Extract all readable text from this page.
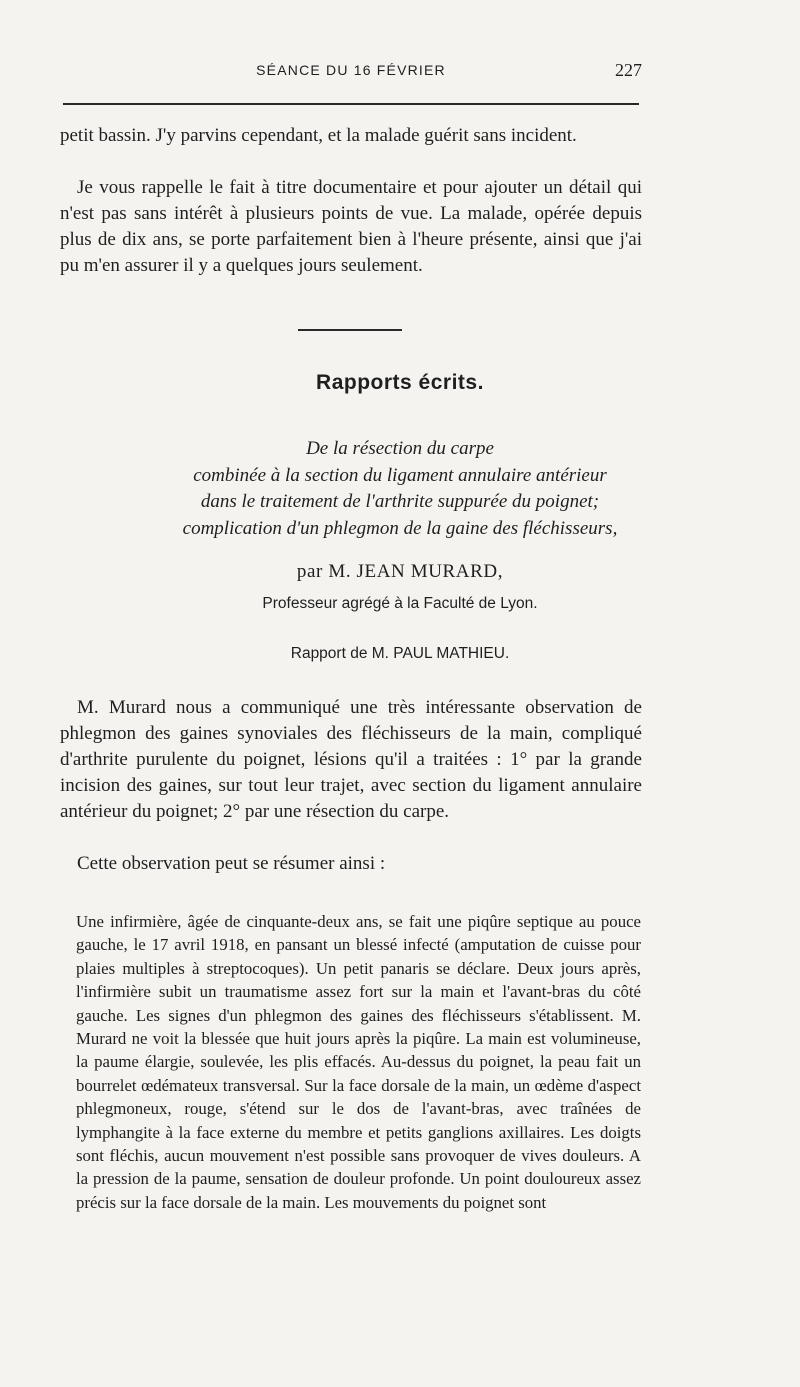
SÉANCE DU 16 FÉVRIER	227
petit bassin. J'y parvins cependant, et la malade guérit sans incident.
Je vous rappelle le fait à titre documentaire et pour ajouter un détail qui n'est pas sans intérêt à plusieurs points de vue. La malade, opérée depuis plus de dix ans, se porte parfaitement bien à l'heure présente, ainsi que j'ai pu m'en assurer il y a quelques jours seulement.
Rapports écrits.
De la résection du carpe
combinée à la section du ligament annulaire antérieur
dans le traitement de l'arthrite suppurée du poignet;
complication d'un phlegmon de la gaine des fléchisseurs,
par M. JEAN MURARD,
Professeur agrégé à la Faculté de Lyon.
Rapport de M. PAUL MATHIEU.
M. Murard nous a communiqué une très intéressante observation de phlegmon des gaines synoviales des fléchisseurs de la main, compliqué d'arthrite purulente du poignet, lésions qu'il a traitées : 1° par la grande incision des gaines, sur tout leur trajet, avec section du ligament annulaire antérieur du poignet; 2° par une résection du carpe.
Cette observation peut se résumer ainsi :
Une infirmière, âgée de cinquante-deux ans, se fait une piqûre septique au pouce gauche, le 17 avril 1918, en pansant un blessé infecté (amputation de cuisse pour plaies multiples à streptocoques). Un petit panaris se déclare. Deux jours après, l'infirmière subit un traumatisme assez fort sur la main et l'avant-bras du côté gauche. Les signes d'un phlegmon des gaines des fléchisseurs s'établissent. M. Murard ne voit la blessée que huit jours après la piqûre. La main est volumineuse, la paume élargie, soulevée, les plis effacés. Au-dessus du poignet, la peau fait un bourrelet œdémateux transversal. Sur la face dorsale de la main, un œdème d'aspect phlegmoneux, rouge, s'étend sur le dos de l'avant-bras, avec traînées de lymphangite à la face externe du membre et petits ganglions axillaires. Les doigts sont fléchis, aucun mouvement n'est possible sans provoquer de vives douleurs. A la pression de la paume, sensation de douleur profonde. Un point douloureux assez précis sur la face dorsale de la main. Les mouvements du poignet sont
